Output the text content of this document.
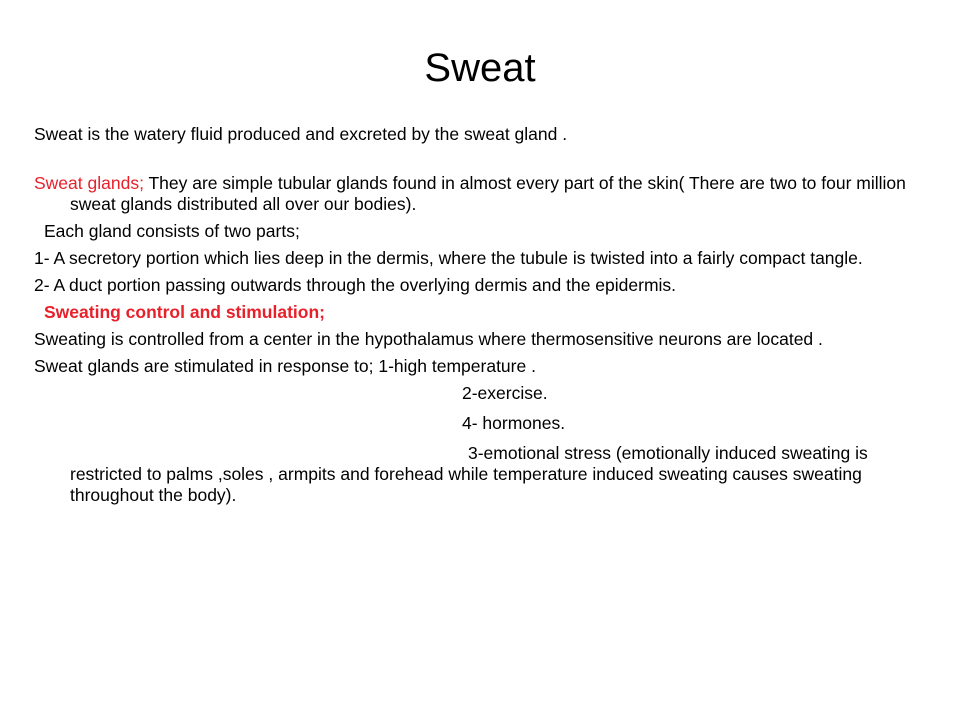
Sweat

Sweat is the watery fluid produced and excreted by the sweat gland .

Sweat glands; They are simple tubular glands found in almost every part of the skin( There are two to four million sweat glands distributed all over our bodies).

Each gland consists of two parts;

1- A secretory portion which lies deep in the dermis, where the tubule is twisted into a fairly compact tangle.

2- A duct portion passing outwards through the overlying dermis and the epidermis.

Sweating control and stimulation;

Sweating is controlled from a center in the hypothalamus where thermosensitive neurons are located .

Sweat glands are stimulated in response to; 1-high temperature .

2-exercise.

4- hormones.

3-emotional stress (emotionally induced sweating is restricted to palms ,soles , armpits and forehead while temperature induced sweating causes sweating throughout the body).
